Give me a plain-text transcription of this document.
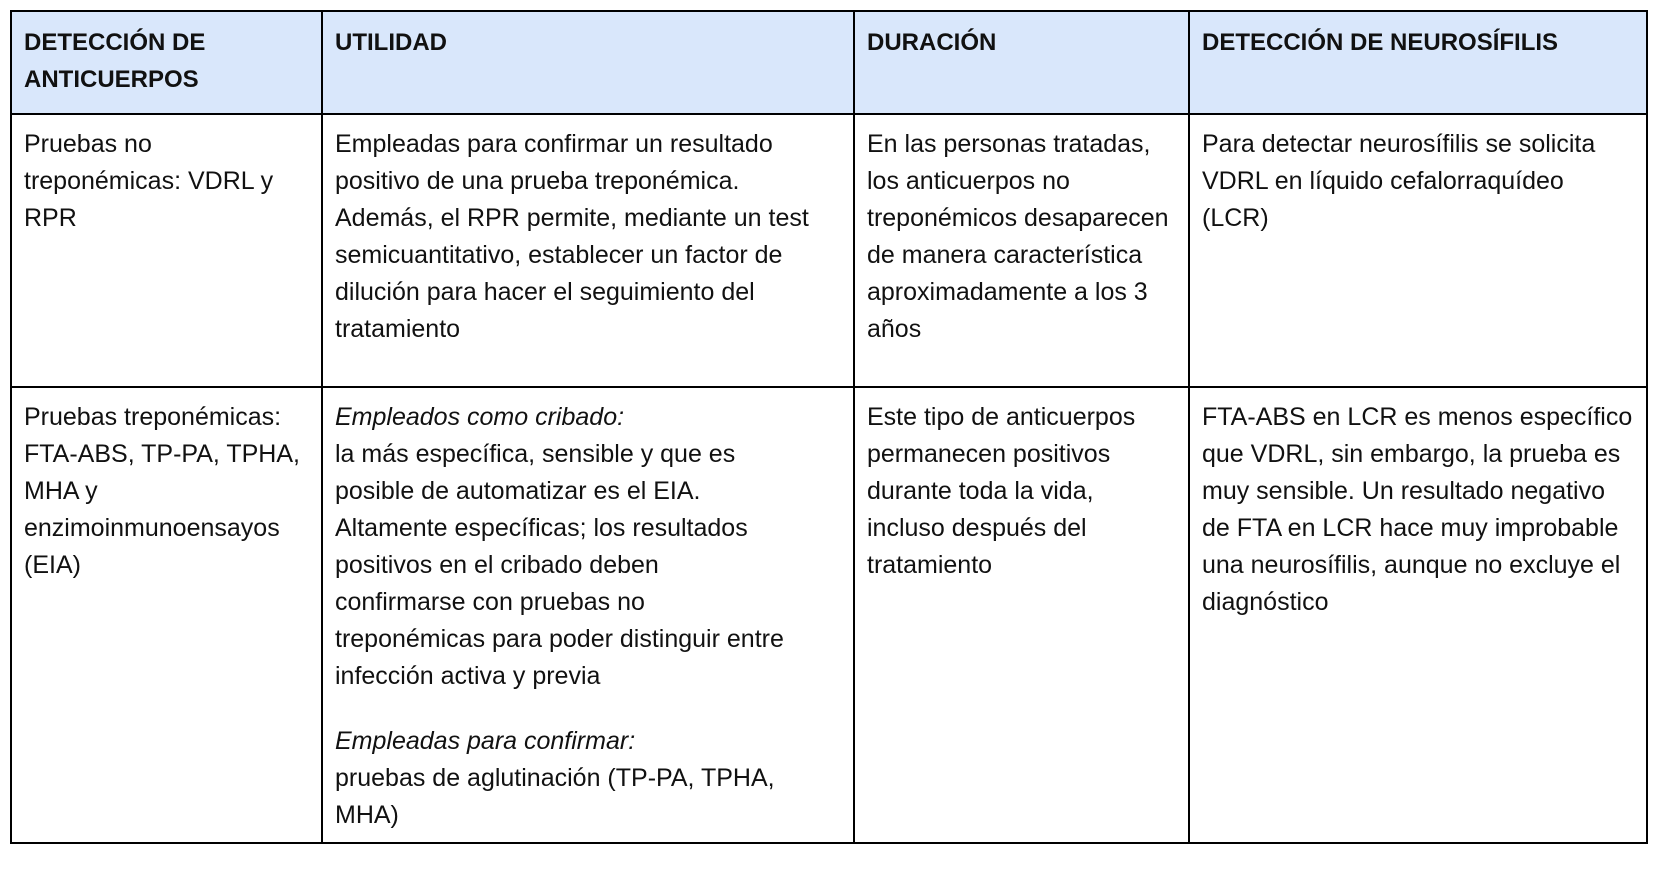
DETECCIÓN DE ANTICUERPOS	UTILIDAD	DURACIÓN	DETECCIÓN DE NEUROSÍFILIS

Pruebas no treponémicas: VDRL y RPR	Empleadas para confirmar un resultado positivo de una prueba treponémica. Además, el RPR permite, mediante un test semicuantitativo, establecer un factor de dilución para hacer el seguimiento del tratamiento	En las personas tratadas, los anticuerpos no treponémicos desaparecen de manera característica aproximadamente a los 3 años	Para detectar neurosífilis se solicita VDRL en líquido cefalorraquídeo (LCR)

Pruebas treponémicas: FTA-ABS, TP-PA, TPHA, MHA y enzimoinmunoensayos (EIA)	Empleados como cribado:
la más específica, sensible y que es posible de automatizar es el EIA. Altamente específicas; los resultados positivos en el cribado deben confirmarse con pruebas no treponémicas para poder distinguir entre infección activa y previa
Empleadas para confirmar:
pruebas de aglutinación (TP-PA, TPHA, MHA)	Este tipo de anticuerpos permanecen positivos durante toda la vida, incluso después del tratamiento	FTA-ABS en LCR es menos específico que VDRL, sin embargo, la prueba es muy sensible. Un resultado negativo de FTA en LCR hace muy improbable una neurosífilis, aunque no excluye el diagnóstico
